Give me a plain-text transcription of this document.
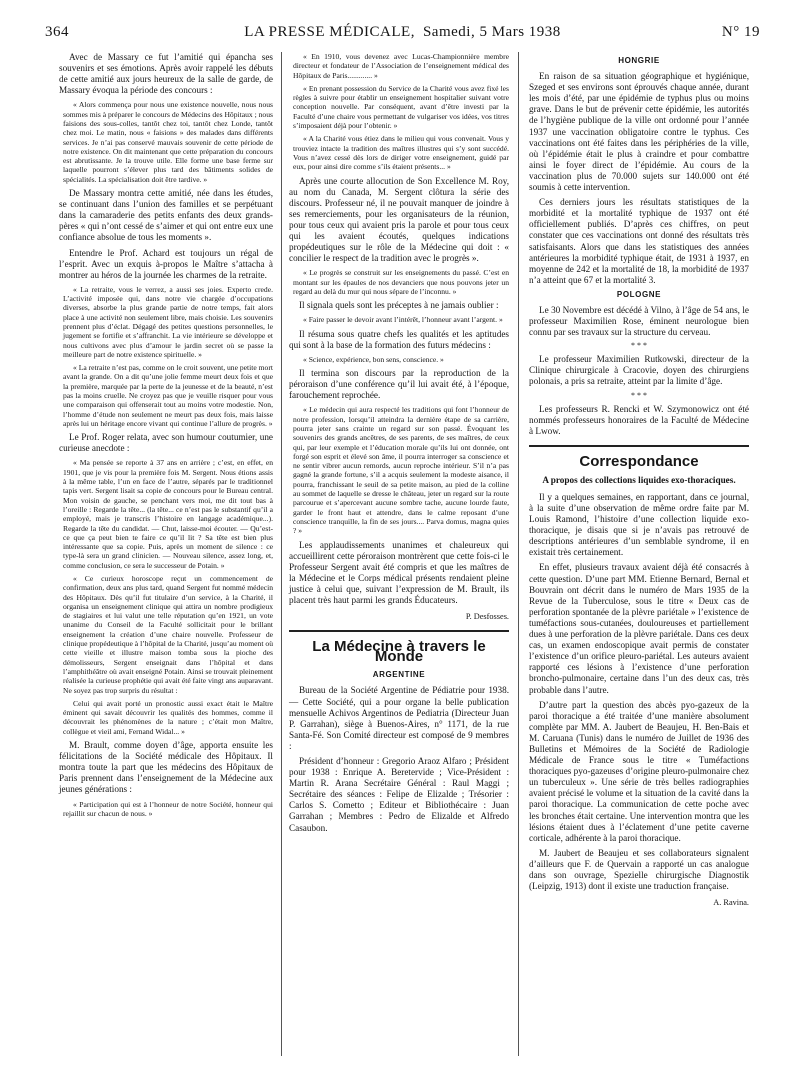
364	LA PRESSE MÉDICALE, Samedi, 5 Mars 1938	N° 19

Avec de Massary ce fut l’amitié qui épancha ses souvenirs et ses émotions. Après avoir rappelé les débuts de cette amitié aux jours heureux de la salle de garde, de Massary évoqua la période des concours :

« Alors commença pour nous une existence nouvelle, nous nous sommes mis à préparer le concours de Médecins des Hôpitaux ; nous faisions des sous-colles, tantôt chez toi, tantôt chez Londe, tantôt chez moi. Le matin, nous « faisions » des malades dans différents services. Je n’ai pas conservé mauvais souvenir de cette période de notre existence. On dit maintenant que cette préparation du concours est abrutissante. Je la trouve utile. Elle forme une base ferme sur laquelle pourront s’élever plus tard des bâtiments solides de spécialités. La spécialisation doit être tardive. »

De Massary montra cette amitié, née dans les études, se continuant dans l’union des familles et se perpétuant dans la camaraderie des petits enfants des deux grands-pères « qui n’ont cessé de s’aimer et qui ont entre eux une confiance absolue de tous les moments ».

Entendre le Prof. Achard est toujours un régal de l’esprit. Avec un exquis à-propos le Maître s’attacha à montrer au héros de la journée les charmes de la retraite.

« La retraite, vous le verrez, a aussi ses joies. Experto crede. L’activité imposée qui, dans notre vie chargée d’occupations diverses, absorbe la plus grande partie de notre temps, fait alors place à une activité non seulement libre, mais choisie. Les souvenirs prennent plus d’éclat. Dégagé des petites questions personnelles, le jugement se fortifie et s’affranchit. La vie intérieure se développe et nous cultivons avec plus d’amour le jardin secret où se passe la meilleure part de notre existence spirituelle. »

« La retraite n’est pas, comme on le croit souvent, une petite mort avant la grande. On a dit qu’une jolie femme meurt deux fois et que la première, marquée par la perte de la jeunesse et de la beauté, n’est pas la moins cruelle. Ne croyez pas que je veuille risquer pour vous une comparaison qui offenserait tout au moins votre modestie. Non, l’homme d’étude non seulement ne meurt pas deux fois, mais laisse après lui un héritage encore vivant qui continue l’allure de progrès. »

Le Prof. Roger relata, avec son humour coutumier, une curieuse anecdote :

« Ma pensée se reporte à 37 ans en arrière ; c’est, en effet, en 1901, que je vis pour la première fois M. Sergent. Nous étions assis à la même table, l’un en face de l’autre, séparés par le traditionnel tapis vert. Sergent lisait sa copie de concours pour le Bureau central. Mon voisin de gauche, se penchant vers moi, me dit tout bas à l’oreille : Regarde la tête... (la tête... ce n’est pas le substantif qu’il a employé, mais je transcris l’histoire en langage académique...). Regarde la tête du candidat. — Chut, laisse-moi écouter. — Qu’est-ce que ça peut bien te faire ce qu’il lit ? Sa tête est bien plus intéressante que sa copie. Puis, après un moment de silence : ce type-là sera un grand clinicien. — Nouveau silence, assez long, et, comme conclusion, ce sera le successeur de Potain. »

« Ce curieux horoscope reçut un commencement de confirmation, deux ans plus tard, quand Sergent fut nommé médecin des Hôpitaux. Dès qu’il fut titulaire d’un service, à la Charité, il organisa un enseignement clinique qui attira un nombre prodigieux de stagiaires et lui valut une telle réputation qu’en 1921, un vote unanime du Conseil de la Faculté sollicitait pour le brillant enseignement la création d’une chaire nouvelle. Professeur de clinique propédeutique à l’hôpital de la Charité, jusqu’au moment où cette vieille et illustre maison tomba sous la pioche des démolisseurs, Sergent enseignait dans l’hôpital et dans l’amphithéâtre où avait enseigné Potain. Ainsi se trouvait pleinement réalisée la curieuse prophétie qui avait été faite vingt ans auparavant. Ne soyez pas trop surpris du résultat :

Celui qui avait porté un pronostic aussi exact était le Maître éminent qui savait découvrir les qualités des hommes, comme il découvrait les phénomènes de la nature ; c’était mon Maître, collègue et vieil ami, Fernand Widal... »

M. Brault, comme doyen d’âge, apporta ensuite les félicitations de la Société médicale des Hôpitaux. Il montra toute la part que les médecins des Hôpitaux de Paris prennent dans l’enseignement de la Médecine aux jeunes générations :

« Participation qui est à l’honneur de notre Société, honneur qui rejaillit sur chacun de nous. »

« En 1910, vous devenez avec Lucas-Championnière membre directeur et fondateur de l’Association de l’enseignement médical des Hôpitaux de Paris............. »

« En prenant possession du Service de la Charité vous avez fixé les règles à suivre pour établir un enseignement hospitalier suivant votre conception nouvelle. Par conséquent, avant d’être investi par la Faculté d’une chaire vous permettant de vulgariser vos idées, vos titres s’imposaient déjà pour l’obtenir. »

« A la Charité vous étiez dans le milieu qui vous convenait. Vous y trouviez intacte la tradition des maîtres illustres qui s’y sont succédé. Vous n’avez cessé dès lors de diriger votre enseignement, guidé par eux, pour ainsi dire comme s’ils étaient présents... »

Après une courte allocution de Son Excellence M. Roy, au nom du Canada, M. Sergent clôtura la série des discours. Professeur né, il ne pouvait manquer de joindre à ses remerciements, pour les organisateurs de la réunion, pour tous ceux qui avaient pris la parole et pour tous ceux qui les avaient écoutés, quelques indications propédeutiques sur le rôle de la Médecine qui doit : « concilier le respect de la tradition avec le progrès ».

« Le progrès se construit sur les enseignements du passé. C’est en montant sur les épaules de nos devanciers que nous pouvons jeter un regard au delà du mur qui nous sépare de l’inconnu. »

Il signala quels sont les préceptes à ne jamais oublier :

« Faire passer le devoir avant l’intérêt, l’honneur avant l’argent. »

Il résuma sous quatre chefs les qualités et les aptitudes qui sont à la base de la formation des futurs médecins :

« Science, expérience, bon sens, conscience. »

Il termina son discours par la reproduction de la péroraison d’une conférence qu’il lui avait été, à l’époque, farouchement reprochée.

« Le médecin qui aura respecté les traditions qui font l’honneur de notre profession, lorsqu’il atteindra la dernière étape de sa carrière, pourra jeter sans crainte un regard sur son passé. Évoquant les souvenirs des grands ancêtres, de ses parents, de ses maîtres, de ceux qui, par leur exemple et l’éducation morale qu’ils lui ont donnée, ont forgé son esprit et élevé son âme, il pourra interroger sa conscience et ne sentir vibrer aucun remords, aucun reproche intérieur. S’il n’a pas gagné la grande fortune, s’il a acquis seulement la modeste aisance, il pourra, franchissant le seuil de sa petite maison, au pied de la colline au sommet de laquelle se dresse le château, jeter un regard sur la route parcourue et s’apercevant aucune sombre tache, aucune lourde faute, garder le front haut et attendre, dans le calme reposant d’une conscience tranquille, la fin de ses jours.... Parva domus, magna quies ? »

Les applaudissements unanimes et chaleureux qui accueillirent cette péroraison montrèrent que cette fois-ci le Professeur Sergent avait été compris et que les maîtres de la Médecine et le Corps médical présents rendaient pleine justice à celui que, suivant l’expression de M. Brault, ils placent très haut parmi les grands Éducateurs.

P. Desfosses.

La Médecine à travers le Monde
ARGENTINE

Bureau de la Société Argentine de Pédiatrie pour 1938. — Cette Société, qui a pour organe la belle publication mensuelle Achivos Argentinos de Pediatria (Directeur Juan P. Garrahan), siège à Buenos-Aires, n° 1171, de la rue Santa-Fé. Son Comité directeur est composé de 9 membres :

Président d’honneur : Gregorio Araoz Alfaro ; Président pour 1938 : Enrique A. Beretervide ; Vice-Président : Martin R. Arana Secrétaire Général : Raul Maggi ; Secrétaire des séances : Felipe de Elizalde ; Trésorier : Carlos S. Cometto ; Editeur et Bibliothécaire : Juan Garrahan ; Membres : Pedro de Elizalde et Alfredo Casaubon.

HONGRIE

En raison de sa situation géographique et hygiénique, Szeged et ses environs sont éprouvés chaque année, durant les mois d’été, par une épidémie de typhus plus ou moins grave. Dans le but de prévenir cette épidémie, les autorités de l’hygiène publique de la ville ont ordonné pour l’année 1937 une vaccination obligatoire contre le typhus. Ces vaccinations ont été faites dans les périphéries de la ville, où l’épidémie était le plus à craindre et pour combattre ainsi le foyer direct de l’épidémie. Au cours de la vaccination plus de 70.000 sujets sur 140.000 ont été soumis à cette intervention.

Ces derniers jours les résultats statistiques de la morbidité et la mortalité typhique de 1937 ont été officiellement publiés. D’après ces chiffres, on peut constater que ces vaccinations ont donné des résultats très satisfaisants. Alors que dans les statistiques des années antérieures la morbidité typhique était, de 1931 à 1937, en moyenne de 242 et la mortalité de 18, la morbidité de 1937 n’a atteint que 67 et la mortalité 3.

POLOGNE

Le 30 Novembre est décédé à Vilno, à l’âge de 54 ans, le professeur Maximilien Rose, éminent neurologue bien connu par ses travaux sur la structure du cerveau.

* * *

Le professeur Maximilien Rutkowski, directeur de la Clinique chirurgicale à Cracovie, doyen des chirurgiens polonais, a pris sa retraite, atteint par la limite d’âge.

* * *

Les professeurs R. Rencki et W. Szymonowicz ont été nommés professeurs honoraires de la Faculté de Médecine à Lwow.

Correspondance
A propos des collections liquides exo-thoraciques.

Il y a quelques semaines, en rapportant, dans ce journal, à la suite d’une observation de même ordre faite par M. Louis Ramond, l’histoire d’une collection liquide exo-thoracique, je disais que si je n’avais pas retrouvé de descriptions antérieures d’un semblable syndrome, il en existait très certainement.

En effet, plusieurs travaux avaient déjà été consacrés à cette question. D’une part MM. Etienne Bernard, Bernal et Bouvrain ont décrit dans le numéro de Mars 1935 de la Revue de la Tuberculose, sous le titre « Deux cas de perforation spontanée de la plèvre pariétale » l’existence de tuméfactions sous-cutanées, douloureuses et partiellement dues à une perforation de la plèvre pariétale. Dans ces deux cas, un examen endoscopique avait permis de constater l’existence d’un orifice pleuro-pariétal. Les auteurs avaient rapporté ces lésions à l’existence d’une perforation broncho-pulmonaire, certaine dans l’un des deux cas, très probable dans l’autre.

D’autre part la question des abcès pyo-gazeux de la paroi thoracique a été traitée d’une manière absolument complète par MM. A. Jaubert de Beaujeu, H. Ben-Bais et M. Caruana (Tunis) dans le numéro de Juillet de 1936 des Bulletins et Mémoires de la Société de Radiologie Médicale de France sous le titre « Tuméfactions thoraciques pyo-gazeuses d’origine pleuro-pulmonaire chez un tuberculeux ». Une série de très belles radiographies avaient précisé le volume et la situation de la cavité dans la paroi thoracique. La communication de cette poche avec les bronches était certaine. Une intervention montra que les lésions étaient dues à l’éclatement d’une petite caverne corticale, adhérente à la paroi thoracique.

M. Jaubert de Beaujeu et ses collaborateurs signalent d’ailleurs que F. de Quervain a rapporté un cas analogue dans son ouvrage, Spezielle chirurgische Diagnostik (Leipzig, 1913) dont il existe une traduction française.

A. Ravina.
